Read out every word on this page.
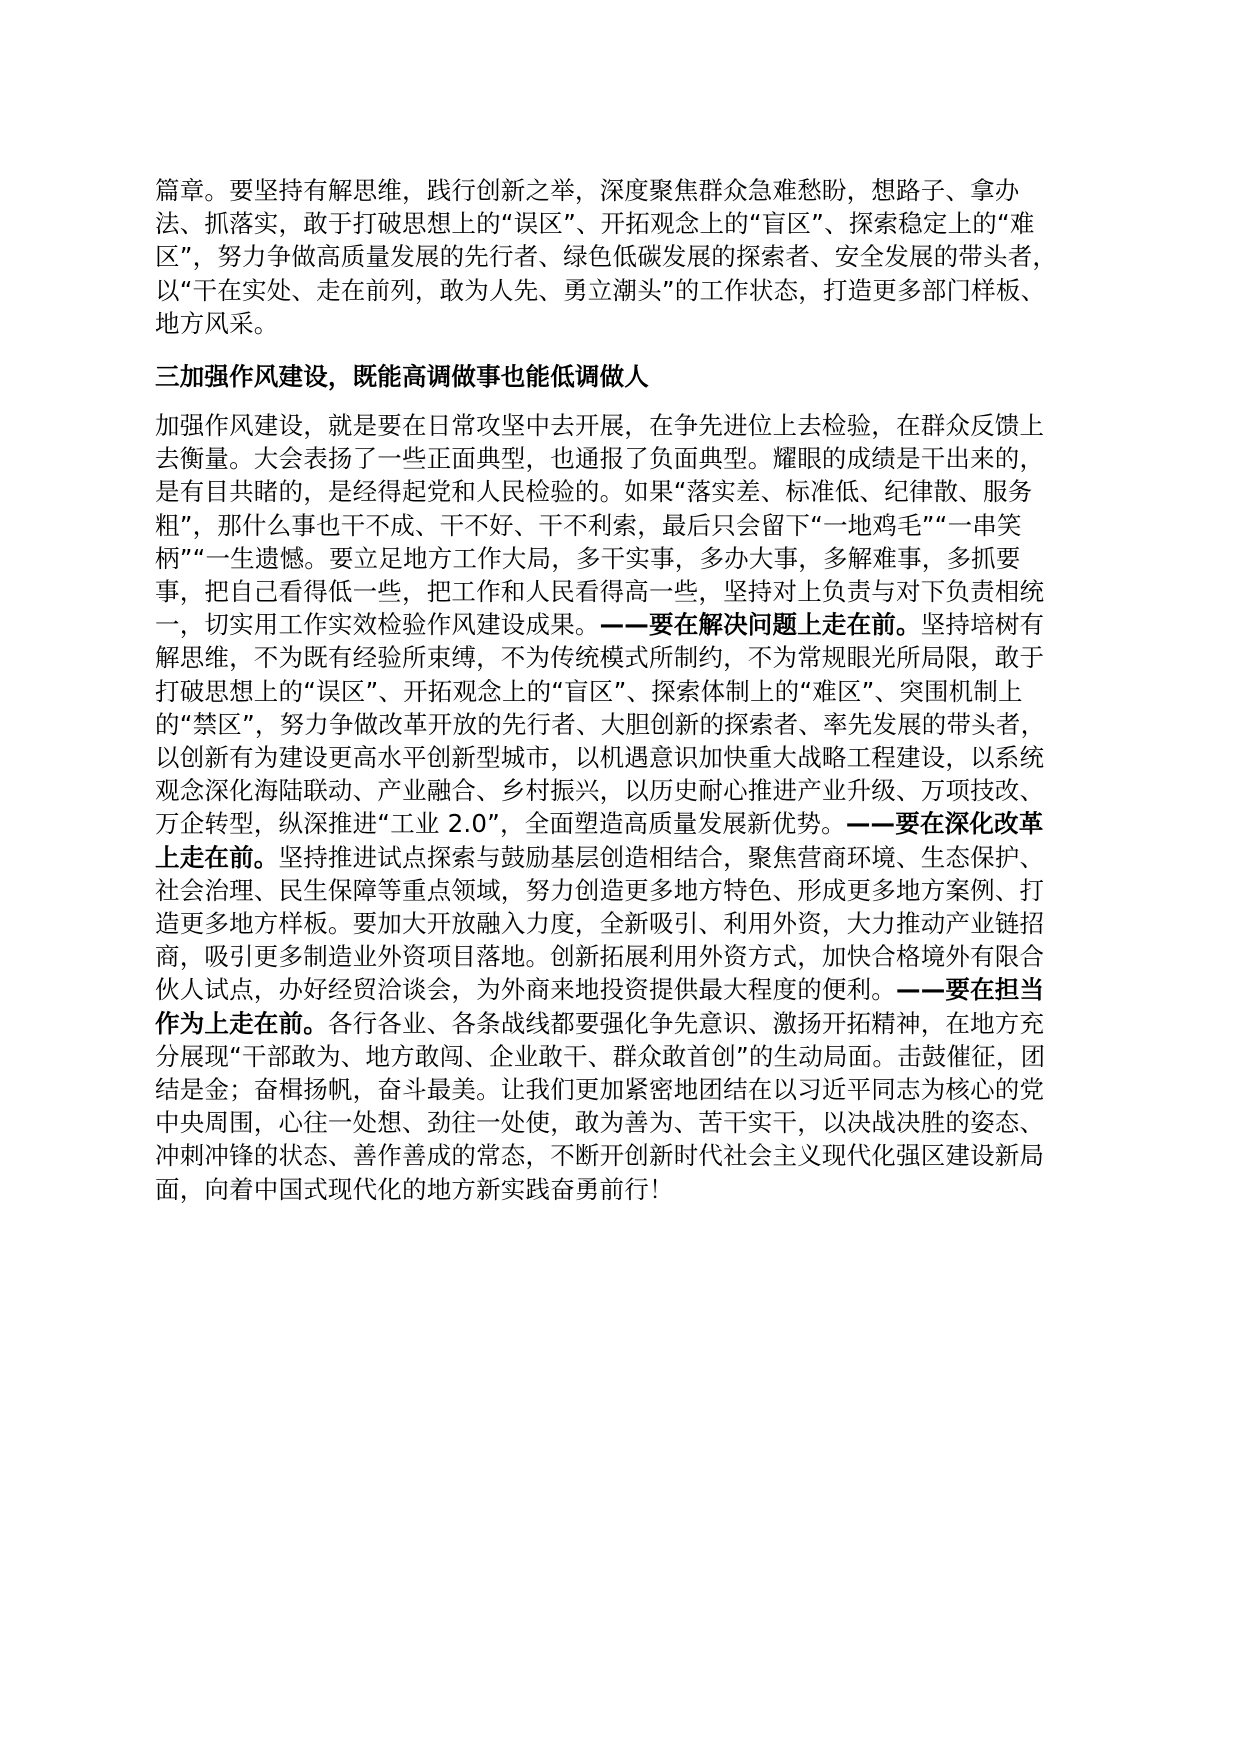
篇章。要坚持有解思维，践行创新之举，深度聚焦群众急难愁盼，想路子、拿办法、抓落实，敢于打破思想上的“误区”、开拓观念上的“盲区”、探索稳定上的“难区”，努力争做高质量发展的先行者、绿色低碳发展的探索者、安全发展的带头者，以“干在实处、走在前列，敢为人先、勇立潮头”的工作状态，打造更多部门样板、地方风采。

三加强作风建设，既能高调做事也能低调做人

加强作风建设，就是要在日常攻坚中去开展，在争先进位上去检验，在群众反馈上去衡量。大会表扬了一些正面典型，也通报了负面典型。耀眼的成绩是干出来的，是有目共睹的，是经得起党和人民检验的。如果“落实差、标准低、纪律散、服务粗”，那什么事也干不成、干不好、干不利索，最后只会留下“一地鸡毛”“一串笑柄”“一生遗憾。要立足地方工作大局，多干实事，多办大事，多解难事，多抓要事，把自己看得低一些，把工作和人民看得高一些，坚持对上负责与对下负责相统一，切实用工作实效检验作风建设成果。——要在解决问题上走在前。坚持培树有解思维，不为既有经验所束缚，不为传统模式所制约，不为常规眼光所局限，敢于打破思想上的“误区”、开拓观念上的“盲区”、探索体制上的“难区”、突围机制上的“禁区”，努力争做改革开放的先行者、大胆创新的探索者、率先发展的带头者，以创新有为建设更高水平创新型城市，以机遇意识加快重大战略工程建设，以系统观念深化海陆联动、产业融合、乡村振兴，以历史耐心推进产业升级、万项技改、万企转型，纵深推进“工业 2.0”，全面塑造高质量发展新优势。——要在深化改革上走在前。坚持推进试点探索与鼓励基层创造相结合，聚焦营商环境、生态保护、社会治理、民生保障等重点领域，努力创造更多地方特色、形成更多地方案例、打造更多地方样板。要加大开放融入力度，全新吸引、利用外资，大力推动产业链招商，吸引更多制造业外资项目落地。创新拓展利用外资方式，加快合格境外有限合伙人试点，办好经贸洽谈会，为外商来地投资提供最大程度的便利。——要在担当作为上走在前。各行各业、各条战线都要强化争先意识、激扬开拓精神，在地方充分展现“干部敢为、地方敢闯、企业敢干、群众敢首创”的生动局面。击鼓催征，团结是金；奋楫扬帆，奋斗最美。让我们更加紧密地团结在以习近平同志为核心的党中央周围，心往一处想、劲往一处使，敢为善为、苦干实干，以决战决胜的姿态、冲刺冲锋的状态、善作善成的常态，不断开创新时代社会主义现代化强区建设新局面，向着中国式现代化的地方新实践奋勇前行！
